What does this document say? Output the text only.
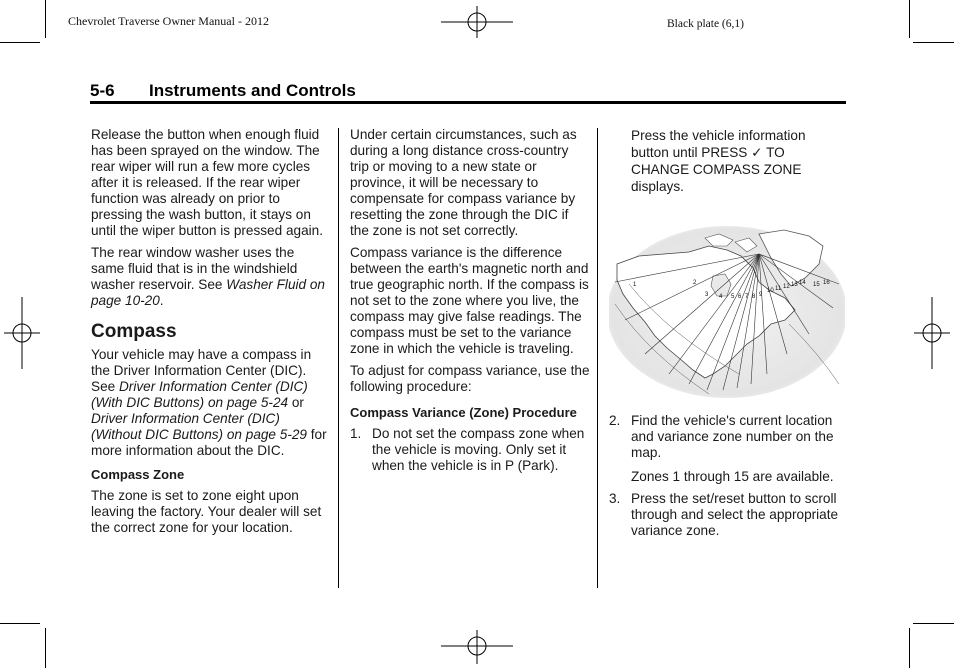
Chevrolet Traverse Owner Manual - 2012	Black plate (6,1)
5-6 Instruments and Controls

Release the button when enough fluid has been sprayed on the window. The rear wiper will run a few more cycles after it is released. If the rear wiper function was already on prior to pressing the wash button, it stays on until the wiper button is pressed again.

The rear window washer uses the same fluid that is in the windshield washer reservoir. See Washer Fluid on page 10-20.

Compass

Your vehicle may have a compass in the Driver Information Center (DIC). See Driver Information Center (DIC) (With DIC Buttons) on page 5-24 or Driver Information Center (DIC) (Without DIC Buttons) on page 5-29 for more information about the DIC.

Compass Zone

The zone is set to zone eight upon leaving the factory. Your dealer will set the correct zone for your location.

Under certain circumstances, such as during a long distance cross-country trip or moving to a new state or province, it will be necessary to compensate for compass variance by resetting the zone through the DIC if the zone is not set correctly.

Compass variance is the difference between the earth's magnetic north and true geographic north. If the compass is not set to the zone where you live, the compass may give false readings. The compass must be set to the variance zone in which the vehicle is traveling.

To adjust for compass variance, use the following procedure:

Compass Variance (Zone) Procedure
1. Do not set the compass zone when the vehicle is moving. Only set it when the vehicle is in P (Park).
Press the vehicle information button until PRESS ✓ TO CHANGE COMPASS ZONE displays.
1	2
3 4 5 6 7 8 9
10 11 12 13 14 15 16
2. Find the vehicle's current location and variance zone number on the map.

Zones 1 through 15 are available.

3. Press the set/reset button to scroll through and select the appropriate variance zone.
